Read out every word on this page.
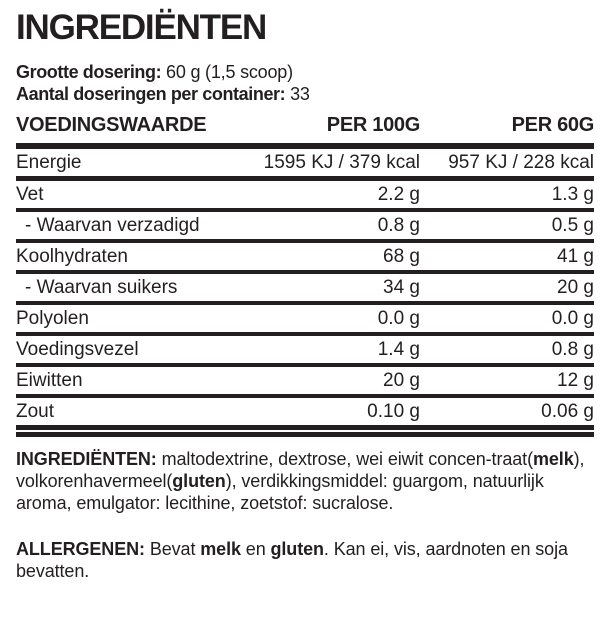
INGREDIËNTEN
Grootte dosering: 60 g (1,5 scoop)
Aantal doseringen per container: 33
VOEDINGSWAARDE	PER 100G	PER 60G
Energie	1595 KJ / 379 kcal	957 KJ / 228 kcal
Vet	2.2 g	1.3 g
- Waarvan verzadigd	0.8 g	0.5 g
Koolhydraten	68 g	41 g
- Waarvan suikers	34 g	20 g
Polyolen	0.0 g	0.0 g
Voedingsvezel	1.4 g	0.8 g
Eiwitten	20 g	12 g
Zout	0.10 g	0.06 g

INGREDIËNTEN: maltodextrine, dextrose, wei eiwit concen-traat(melk), volkorenhavermeel(gluten), verdikkingsmiddel: guargom, natuurlijk aroma, emulgator: lecithine, zoetstof: sucralose.

ALLERGENEN: Bevat melk en gluten. Kan ei, vis, aardnoten en soja bevatten.
